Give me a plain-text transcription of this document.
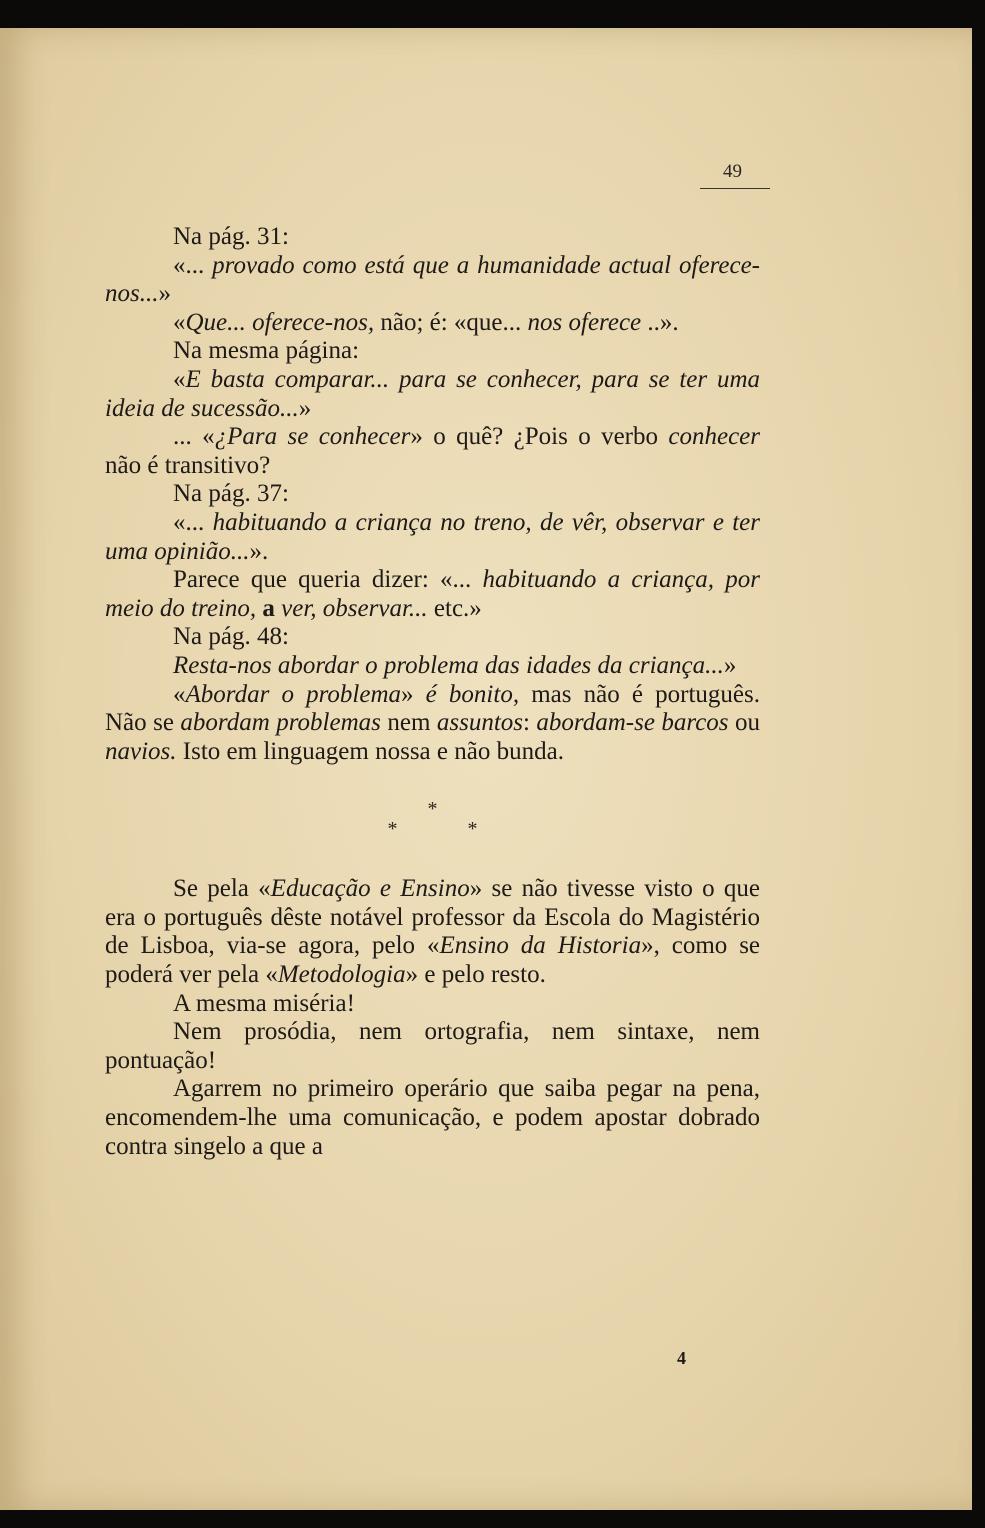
49

Na pág. 31:

«... provado como está que a humanidade actual oferece-nos...»

«Que... oferece-nos, não; é: «que... nos oferece ..».

Na mesma página:

«E basta comparar... para se conhecer, para se ter uma ideia de sucessão...»

... «¿Para se conhecer» o quê? ¿Pois o verbo conhecer não é transitivo?

Na pág. 37:

«... habituando a criança no treno, de vêr, observar e ter uma opinião...».

Parece que queria dizer: «... habituando a criança, por meio do treino, a ver, observar... etc.»

Na pág. 48:

Resta-nos abordar o problema das idades da criança...»

«Abordar o problema» é bonito, mas não é português. Não se abordam problemas nem assuntos: abordam-se barcos ou navios. Isto em linguagem nossa e não bunda.

*
**

Se pela «Educação e Ensino» se não tivesse visto o que era o português dêste notável professor da Escola do Magistério de Lisboa, via-se agora, pelo «Ensino da Historia», como se poderá ver pela «Metodologia» e pelo resto.

A mesma miséria!

Nem prosódia, nem ortografia, nem sintaxe, nem pontuação!

Agarrem no primeiro operário que saiba pegar na pena, encomendem-lhe uma comunicação, e podem apostar dobrado contra singelo a que a

4
